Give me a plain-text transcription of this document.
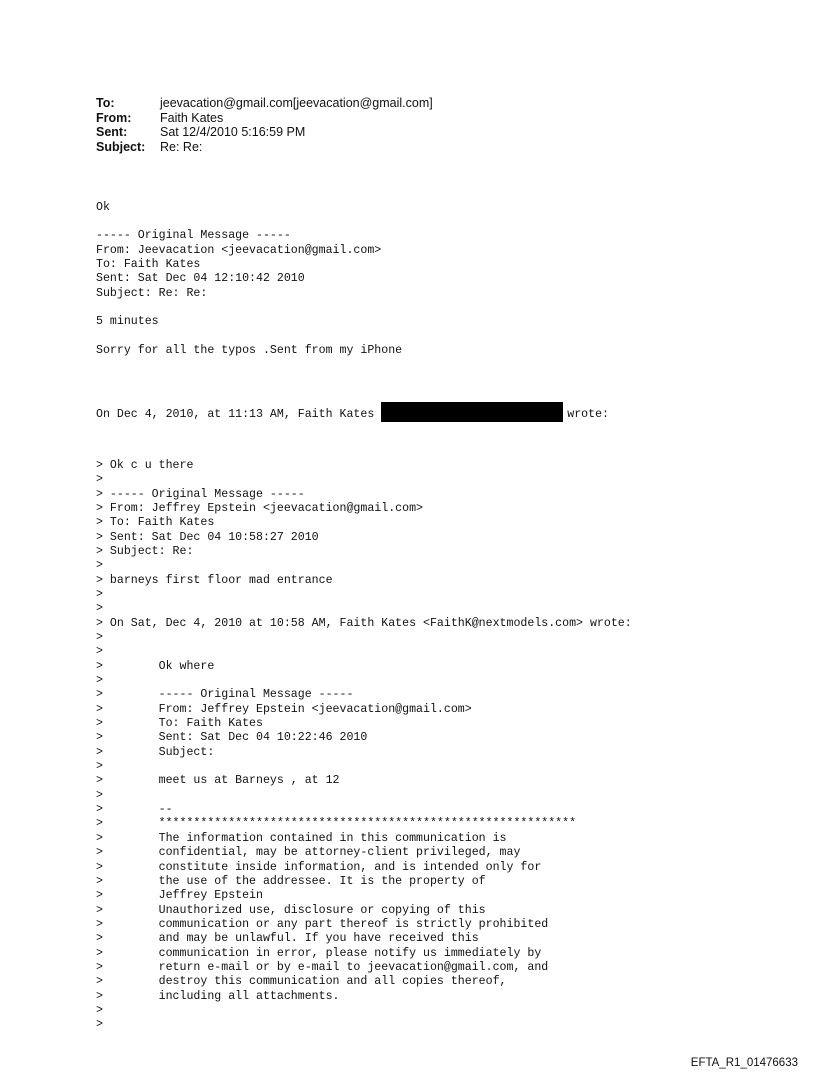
To:	jeevacation@gmail.com[jeevacation@gmail.com]
From:	Faith Kates
Sent:	Sat 12/4/2010 5:16:59 PM
Subject:	Re: Re:

Ok
----- Original Message -----
From: Jeevacation <jeevacation@gmail.com>
To: Faith Kates
Sent: Sat Dec 04 12:10:42 2010
Subject: Re: Re:
5 minutes
Sorry for all the typos .Sent from my iPhone

On Dec 4, 2010, at 11:13 AM, Faith Kates	wrote:

> Ok c u there
>
> ----- Original Message -----
> From: Jeffrey Epstein <jeevacation@gmail.com>
> To: Faith Kates
> Sent: Sat Dec 04 10:58:27 2010
> Subject: Re:
>
> barneys first floor mad entrance
>
>
> On Sat, Dec 4, 2010 at 10:58 AM, Faith Kates <FaithK@nextmodels.com> wrote:
>
>
>        Ok where
>
>        ----- Original Message -----
>        From: Jeffrey Epstein <jeevacation@gmail.com>
>        To: Faith Kates
>        Sent: Sat Dec 04 10:22:46 2010
>        Subject:
>
>        meet us at Barneys , at 12
>
>        --
>        ************************************************************
>        The information contained in this communication is
>        confidential, may be attorney-client privileged, may
>        constitute inside information, and is intended only for
>        the use of the addressee. It is the property of
>        Jeffrey Epstein
>        Unauthorized use, disclosure or copying of this
>        communication or any part thereof is strictly prohibited
>        and may be unlawful. If you have received this
>        communication in error, please notify us immediately by
>        return e-mail or by e-mail to jeevacation@gmail.com, and
>        destroy this communication and all copies thereof,
>        including all attachments.
>
>

EFTA_R1_01476633
